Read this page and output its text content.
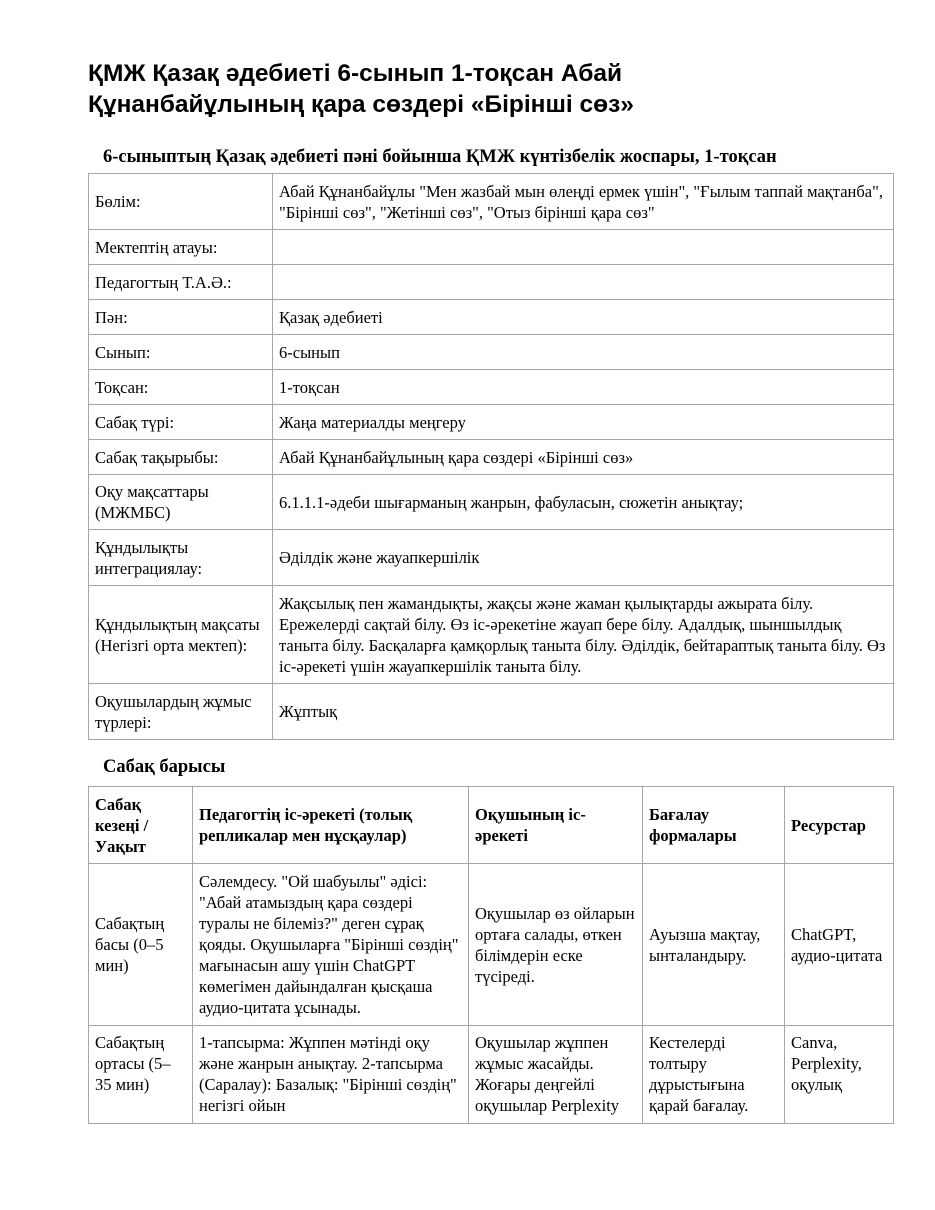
ҚМЖ Қазақ әдебиеті 6-сынып 1-тоқсан Абай Құнанбайұлының қара сөздері «Бірінші сөз»
6-сыныптың Қазақ әдебиеті пәні бойынша ҚМЖ күнтізбелік жоспары, 1-тоқсан
Бөлім:	Абай Құнанбайұлы "Мен жазбай мын өлеңді ермек үшін", "Ғылым таппай мақтанба", "Бірінші сөз", "Жетінші сөз", "Отыз бірінші қара сөз"
Мектептің атауы:	
Педагогтың Т.А.Ә.:	
Пән:	Қазақ әдебиеті
Сынып:	6-сынып
Тоқсан:	1-тоқсан
Сабақ түрі:	Жаңа материалды меңгеру
Сабақ тақырыбы:	Абай Құнанбайұлының қара сөздері «Бірінші сөз»
Оқу мақсаттары (МЖМБС)	6.1.1.1-әдеби шығарманың жанрын, фабуласын, сюжетін анықтау;
Құндылықты интеграциялау:	Әділдік және жауапкершілік
Құндылықтың мақсаты (Негізгі орта мектеп):	Жақсылық пен жамандықты, жақсы және жаман қылықтарды ажырата білу. Ережелерді сақтай білу. Өз іс-әрекетіне жауап бере білу. Адалдық, шыншылдық таныта білу. Басқаларға қамқорлық таныта білу. Әділдік, бейтараптық таныта білу. Өз іс-әрекеті үшін жауапкершілік таныта білу.
Оқушылардың жұмыс түрлері:	Жұптық
Сабақ барысы
Сабақ кезеңі / Уақыт	Педагогтің іс-әрекеті (толық репликалар мен нұсқаулар)	Оқушының іс-әрекеті	Бағалау формалары	Ресурстар
Сабақтың басы (0–5 мин)	Сәлемдесу. "Ой шабуылы" әдісі: "Абай атамыздың қара сөздері туралы не білеміз?" деген сұрақ қояды. Оқушыларға "Бірінші сөздің" мағынасын ашу үшін ChatGPT көмегімен дайындалған қысқаша аудио-цитата ұсынады.	Оқушылар өз ойларын ортаға салады, өткен білімдерін еске түсіреді.	Ауызша мақтау, ынталандыру.	ChatGPT, аудио-цитата
Сабақтың ортасы (5–35 мин)	1-тапсырма: Жұппен мәтінді оқу және жанрын анықтау. 2-тапсырма (Саралау): Базалық: "Бірінші сөздің" негізгі ойын	Оқушылар жұппен жұмыс жасайды. Жоғары деңгейлі оқушылар Perplexity	Кестелерді толтыру дұрыстығына қарай бағалау.	Canva, Perplexity, оқулық
